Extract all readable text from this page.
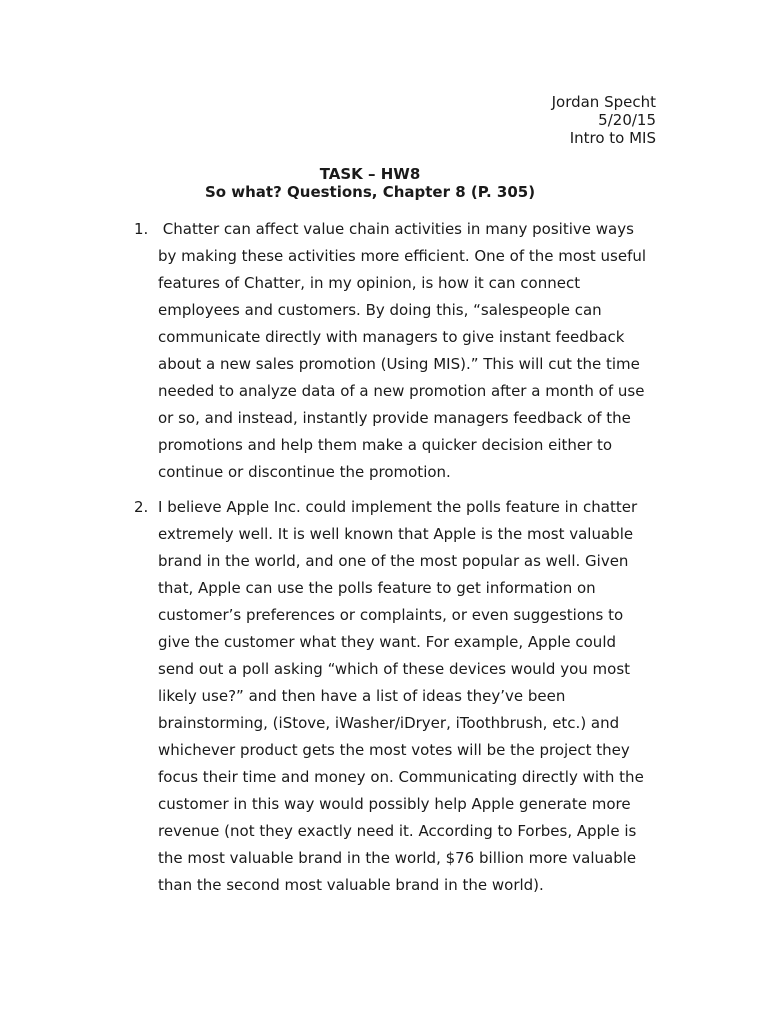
Jordan Specht
5/20/15
Intro to MIS
TASK – HW8
So what? Questions, Chapter 8 (P. 305)
1. Chatter can affect value chain activities in many positive ways by making these activities more efficient. One of the most useful features of Chatter, in my opinion, is how it can connect employees and customers. By doing this, “salespeople can communicate directly with managers to give instant feedback about a new sales promotion (Using MIS).” This will cut the time needed to analyze data of a new promotion after a month of use or so, and instead, instantly provide managers feedback of the promotions and help them make a quicker decision either to continue or discontinue the promotion.
2. I believe Apple Inc. could implement the polls feature in chatter extremely well. It is well known that Apple is the most valuable brand in the world, and one of the most popular as well. Given that, Apple can use the polls feature to get information on customer’s preferences or complaints, or even suggestions to give the customer what they want. For example, Apple could send out a poll asking “which of these devices would you most likely use?” and then have a list of ideas they’ve been brainstorming, (iStove, iWasher/iDryer, iToothbrush, etc.) and whichever product gets the most votes will be the project they focus their time and money on. Communicating directly with the customer in this way would possibly help Apple generate more revenue (not they exactly need it. According to Forbes, Apple is the most valuable brand in the world, $76 billion more valuable than the second most valuable brand in the world).
